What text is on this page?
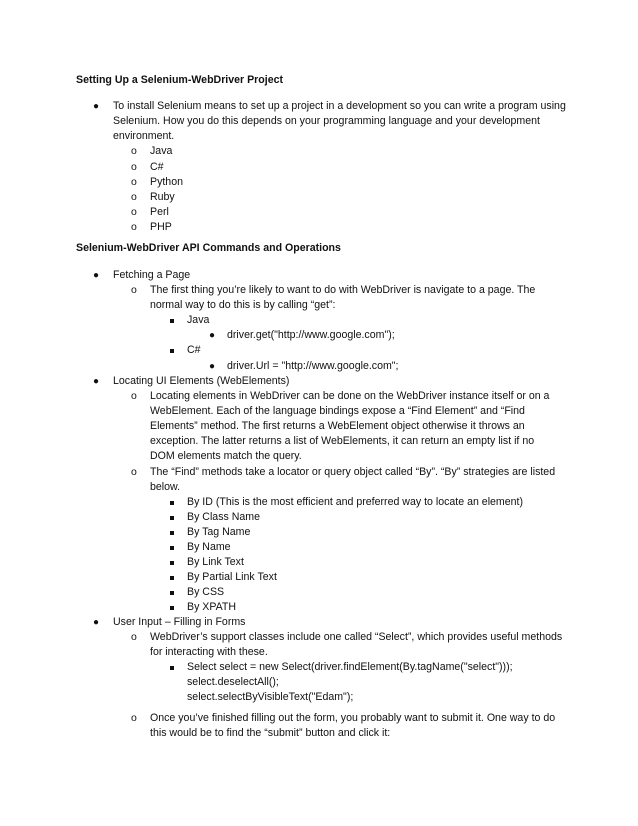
Setting Up a Selenium-WebDriver Project
● To install Selenium means to set up a project in a development so you can write a program using
Selenium. How you do this depends on your programming language and your development
environment.
o Java
o C#
o Python
o Ruby
o Perl
o PHP
Selenium-WebDriver API Commands and Operations
● Fetching a Page
o The first thing you’re likely to want to do with WebDriver is navigate to a page. The
normal way to do this is by calling “get”:
Java
● driver.get("http://www.google.com");
C#
● driver.Url = "http://www.google.com";
● Locating UI Elements (WebElements)
o Locating elements in WebDriver can be done on the WebDriver instance itself or on a
WebElement. Each of the language bindings expose a “Find Element” and “Find
Elements” method. The first returns a WebElement object otherwise it throws an
exception. The latter returns a list of WebElements, it can return an empty list if no
DOM elements match the query.
o The “Find” methods take a locator or query object called “By”. “By” strategies are listed
below.
By ID (This is the most efficient and preferred way to locate an element)
By Class Name
By Tag Name
By Name
By Link Text
By Partial Link Text
By CSS
By XPATH
● User Input – Filling in Forms
o WebDriver’s support classes include one called “Select”, which provides useful methods
for interacting with these.
Select select = new Select(driver.findElement(By.tagName("select")));
select.deselectAll();
select.selectByVisibleText("Edam");
o Once you’ve finished filling out the form, you probably want to submit it. One way to do
this would be to find the “submit” button and click it:
